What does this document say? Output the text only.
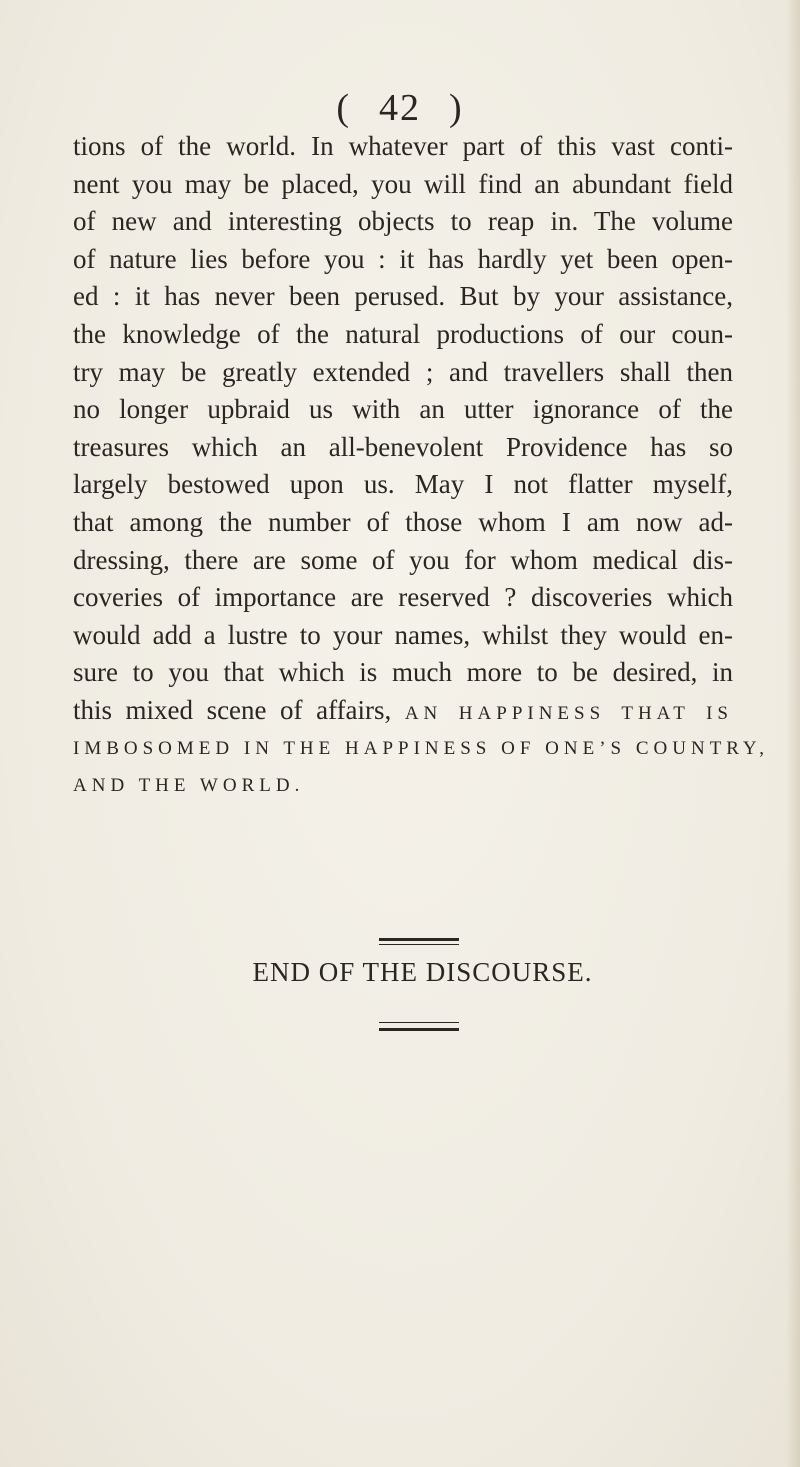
( 42 )
tions of the world. In whatever part of this vast conti-
nent you may be placed, you will find an abundant field
of new and interesting objects to reap in. The volume
of nature lies before you : it has hardly yet been open-
ed : it has never been perused. But by your assistance,
the knowledge of the natural productions of our coun-
try may be greatly extended ; and travellers shall then
no longer upbraid us with an utter ignorance of the
treasures which an all-benevolent Providence has so
largely bestowed upon us. May I not flatter myself,
that among the number of those whom I am now ad-
dressing, there are some of you for whom medical dis-
coveries of importance are reserved ? discoveries which
would add a lustre to your names, whilst they would en-
sure to you that which is much more to be desired, in
this mixed scene of affairs, AN HAPPINESS THAT IS
IMBOSOMED IN THE HAPPINESS OF ONE’S COUNTRY,
AND THE WORLD.
END OF THE DISCOURSE.
